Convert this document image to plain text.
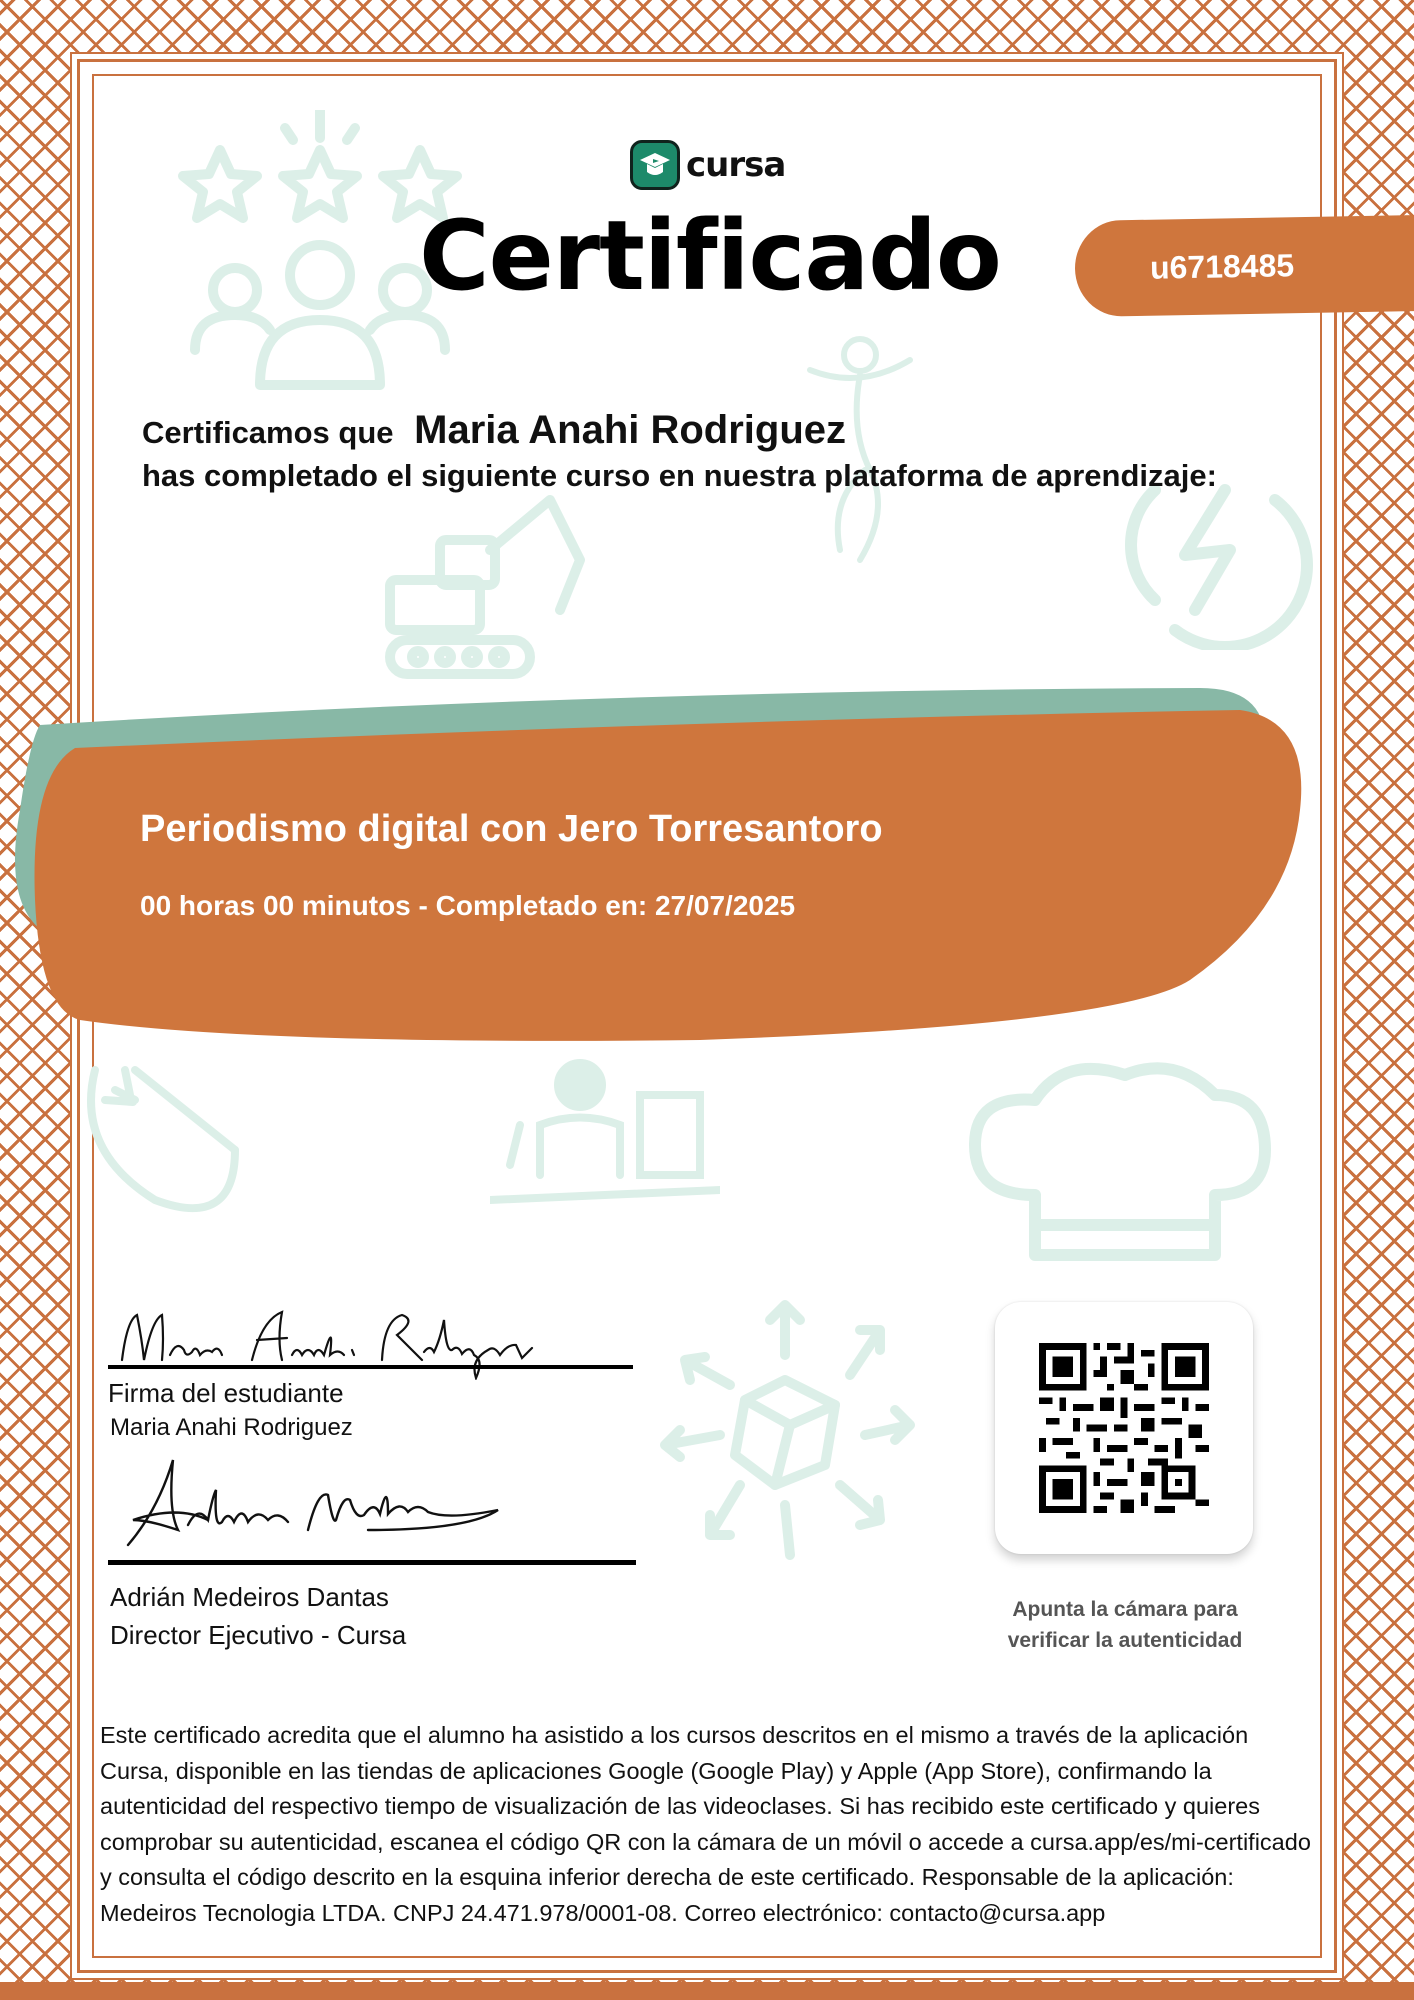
cursa
Certificado	u6718485
Certificamos que Maria Anahi Rodriguez
has completado el siguiente curso en nuestra plataforma de aprendizaje:
Periodismo digital con Jero Torresantoro
00 horas 00 minutos - Completado en: 27/07/2025
Firma del estudiante
Maria Anahi Rodriguez
Adrián Medeiros Dantas
Director Ejecutivo - Cursa
Apunta la cámara para
verificar la autenticidad
Este certificado acredita que el alumno ha asistido a los cursos descritos en el mismo a través de la aplicación Cursa, disponible en las tiendas de aplicaciones Google (Google Play) y Apple (App Store), confirmando la autenticidad del respectivo tiempo de visualización de las videoclases. Si has recibido este certificado y quieres comprobar su autenticidad, escanea el código QR con la cámara de un móvil o accede a cursa.app/es/mi-certificado y consulta el código descrito en la esquina inferior derecha de este certificado. Responsable de la aplicación: Medeiros Tecnologia LTDA. CNPJ 24.471.978/0001-08. Correo electrónico: contacto@cursa.app
